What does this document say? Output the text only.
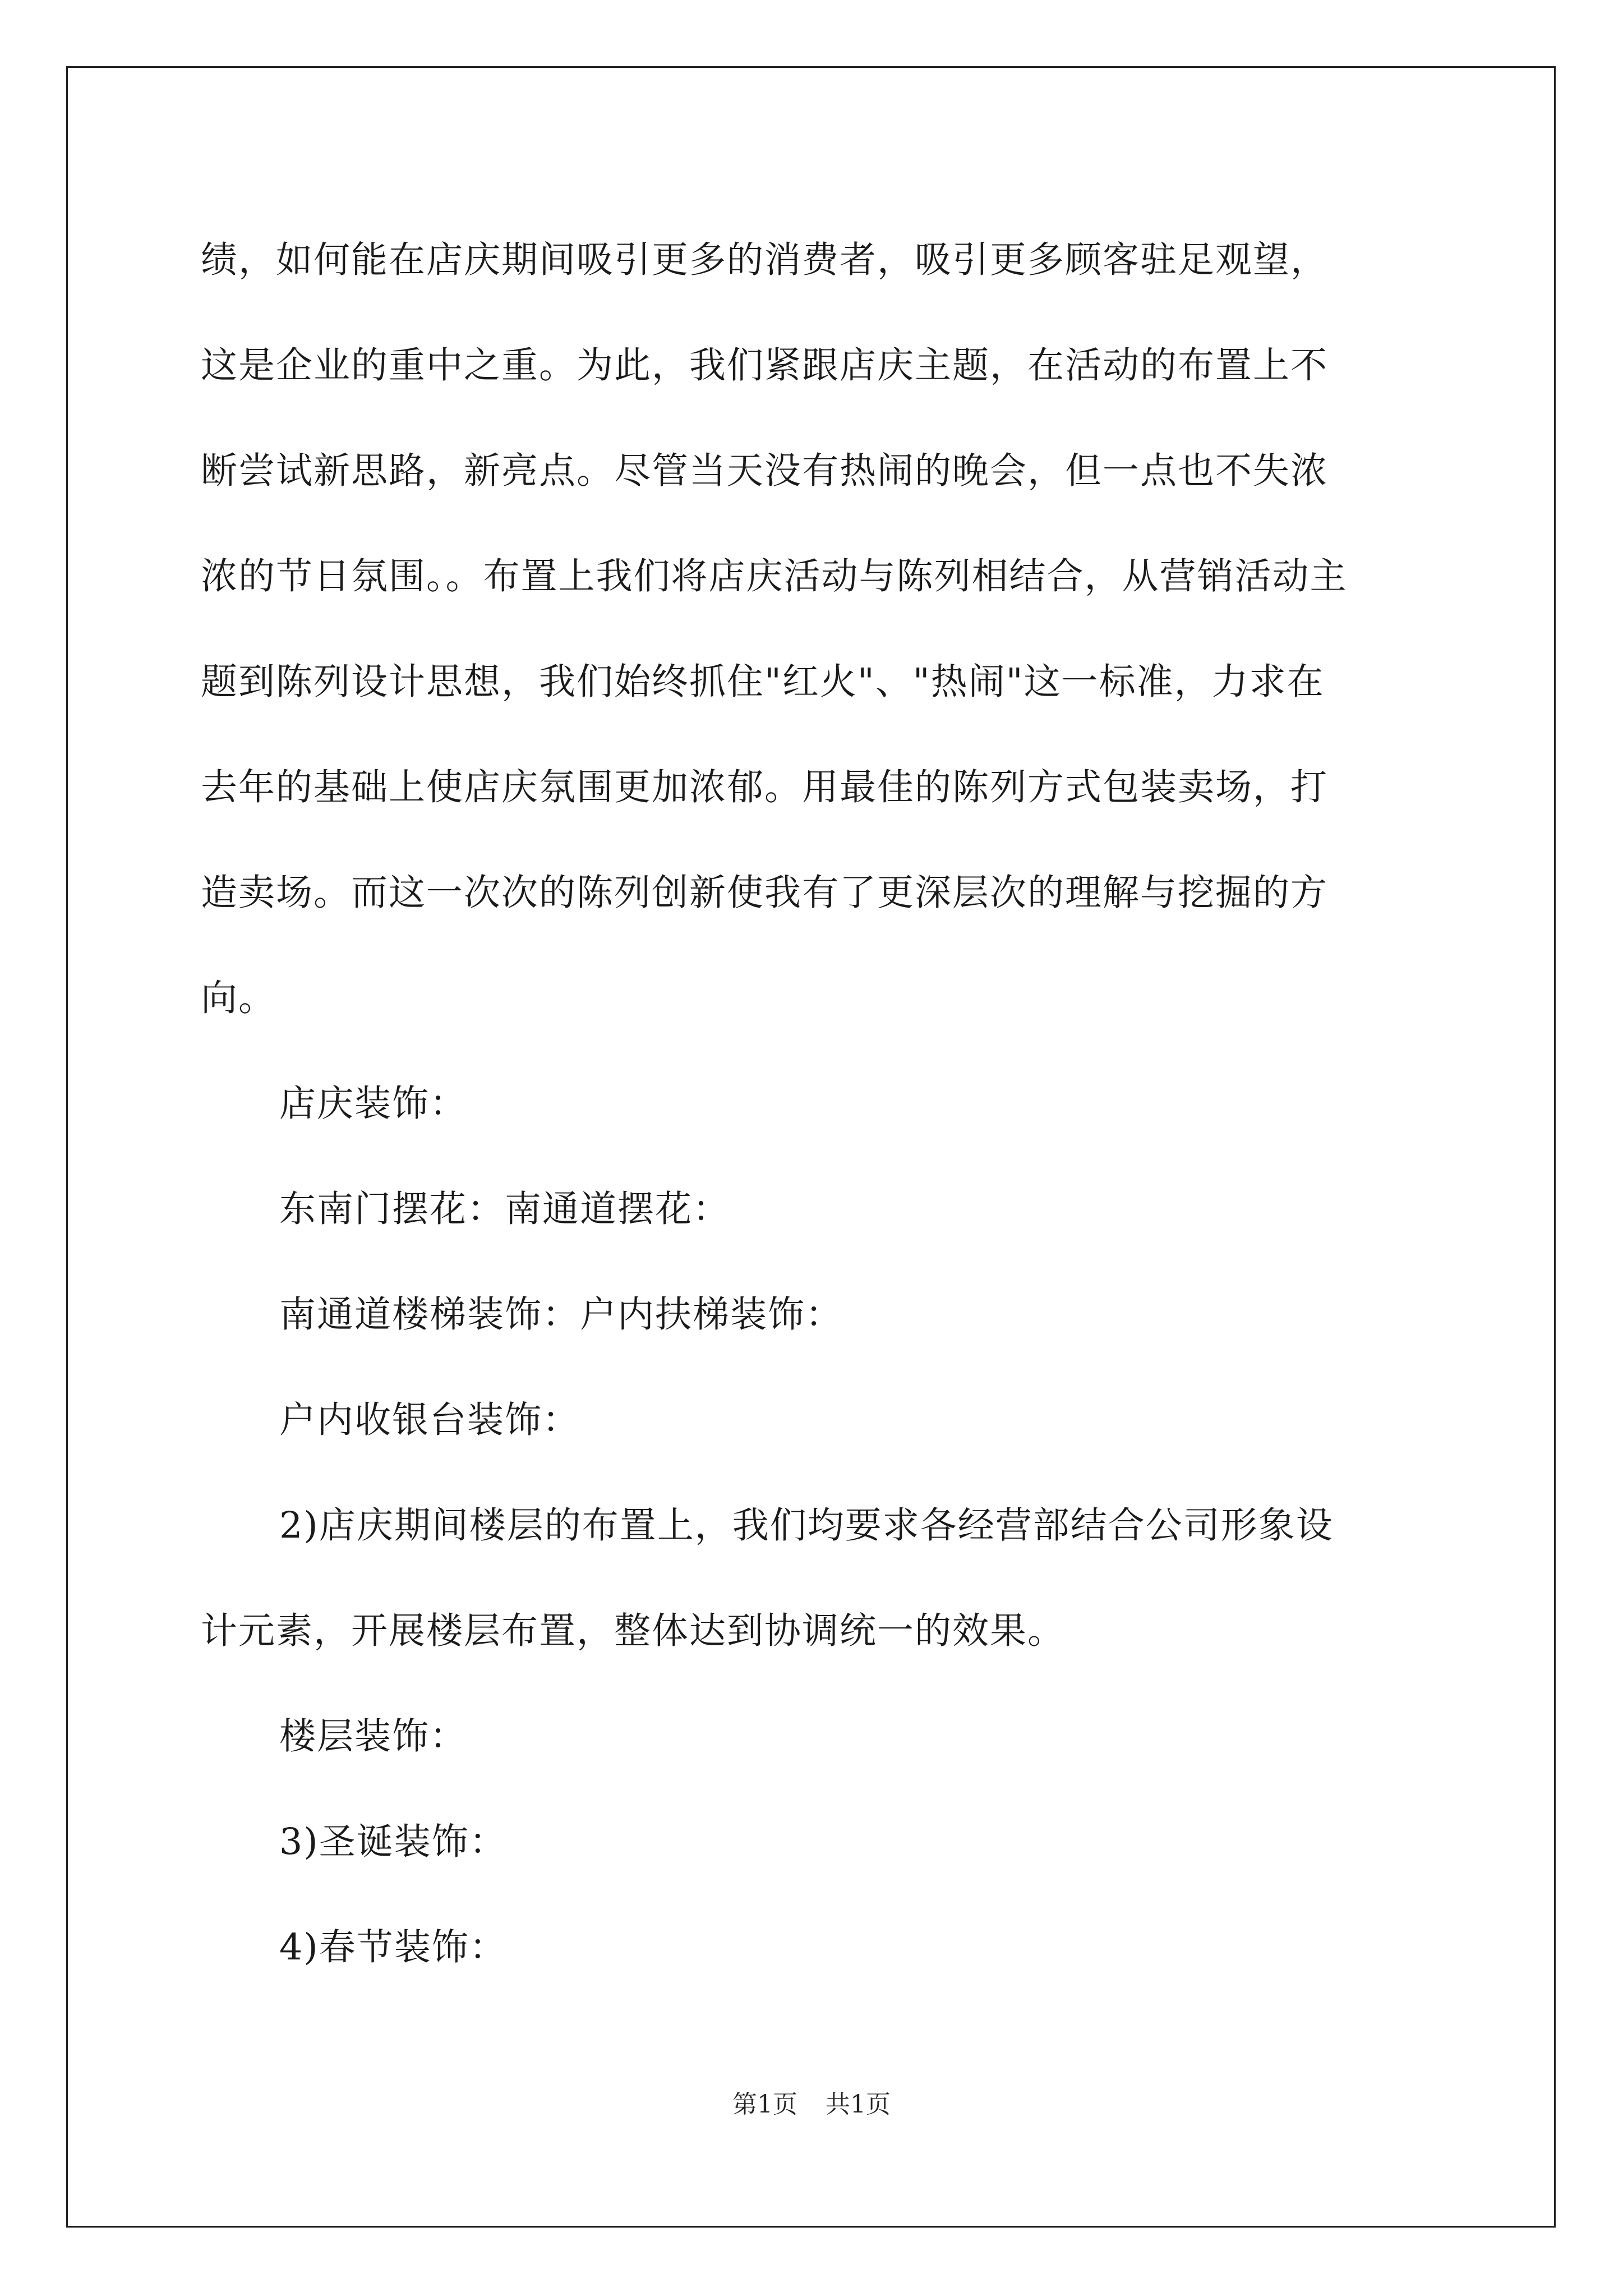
绩，如何能在店庆期间吸引更多的消费者，吸引更多顾客驻足观望，

这是企业的重中之重。为此，我们紧跟店庆主题，在活动的布置上不

断尝试新思路，新亮点。尽管当天没有热闹的晚会，但一点也不失浓

浓的节日氛围。。布置上我们将店庆活动与陈列相结合，从营销活动主

题到陈列设计思想，我们始终抓住"红火"、"热闹"这一标准，力求在

去年的基础上使店庆氛围更加浓郁。用最佳的陈列方式包装卖场，打

造卖场。而这一次次的陈列创新使我有了更深层次的理解与挖掘的方

向。

店庆装饰：

东南门摆花：南通道摆花：

南通道楼梯装饰：户内扶梯装饰：

户内收银台装饰：

2)店庆期间楼层的布置上，我们均要求各经营部结合公司形象设

计元素，开展楼层布置，整体达到协调统一的效果。

楼层装饰：

3)圣诞装饰：

4)春节装饰：

第1页 共1页
